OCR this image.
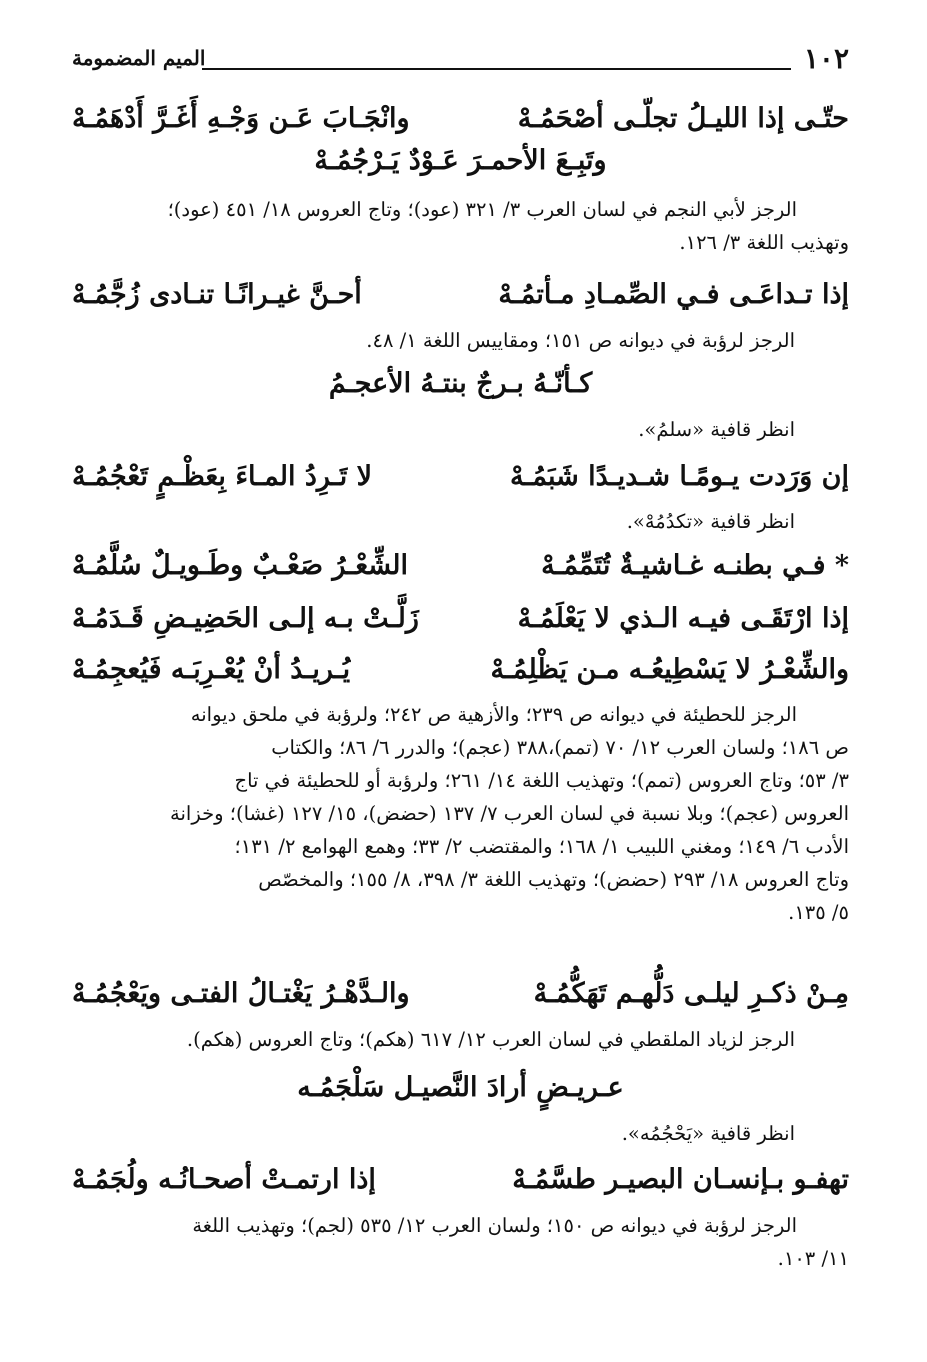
١٠٢
الميم المضمومة
حتّـى إذا الليـلُ تجلّـى أصْحَمُـهْ
وانْجَـابَ عَـن وَجْـهِ أَغَـرَّ أَدْهَمُـهْ
وتَبِـعَ الأحمـرَ عَـوْدٌ يَـرْجُمُـهْ
الرجز لأبي النجم في لسان العرب ٣/ ٣٢١ (عود)؛ وتاج العروس ١٨/ ٤٥١ (عود)؛
وتهذيب اللغة ٣/ ١٢٦.
إذا تـداعَـى فـي الصِّمـادِ مـأتمُـهْ
أحـنَّ غيـرانًـا تنـادى زُجَّمُـهْ
الرجز لرؤبة في ديوانه ص ١٥١؛ ومقاييس اللغة ١/ ٤٨.
كـأنّـهُ بـرجٌ بنتـهُ الأعجـمُ
انظر قافية «سلمُ».
إن وَرَدت يـومًـا شـديـدًا شَبَمُـهْ
لا تَـرِدُ المـاءَ بِعَظْـمٍ تَعْجُمُـهْ
انظر قافية «تكدُمُهْ».
* فـي بطنـه غـاشيـةٌ تُتَمِّمُـهْ
الشِّعْـرُ صَعْـبٌ وطَـويـلٌ سُلَّمُـهْ
إذا ارْتَقَـى فيـه الـذي لا يَعْلَمُـهْ
زَلَّـتْ بـه إلـى الحَضِيـضِ قَـدَمُـهْ
والشِّعْـرُ لا يَسْطِيعُـه مـن يَظْلِمُـهْ
يُـريـدُ أنْ يُعْـرِبَـه فَيُعجِمُـهْ
الرجز للحطيئة في ديوانه ص ٢٣٩؛ والأزهية ص ٢٤٢؛ ولرؤبة في ملحق ديوانه
ص ١٨٦؛ ولسان العرب ١٢/ ٧٠ (تمم)،٣٨٨ (عجم)؛ والدرر ٦/ ٨٦؛ والكتاب
٣/ ٥٣؛ وتاج العروس (تمم)؛ وتهذيب اللغة ١٤/ ٢٦١؛ ولرؤبة أو للحطيئة في تاج
العروس (عجم)؛ وبلا نسبة في لسان العرب ٧/ ١٣٧ (حضض)، ١٥/ ١٢٧ (غشا)؛ وخزانة
الأدب ٦/ ١٤٩؛ ومغني اللبيب ١/ ١٦٨؛ والمقتضب ٢/ ٣٣؛ وهمع الهوامع ٢/ ١٣١؛
وتاج العروس ١٨/ ٢٩٣ (حضض)؛ وتهذيب اللغة ٣/ ٣٩٨، ٨/ ١٥٥؛ والمخصّص
٥/ ١٣٥.
مِـنْ ذكـرِ ليلـى دَلُّهـم تَهَكُّمُـهْ
والـدَّهْـرُ يَغْتـالُ الفتـى ويَعْجُمُـهْ
الرجز لزياد الملقطي في لسان العرب ١٢/ ٦١٧ (هكم)؛ وتاج العروس (هكم).
عـريـضٍ أرادَ النَّصيـل سَلْجَمُـه
انظر قافية «يَحْجُمُه».
تهفـو بـإنسـان البصيـر طسَّمُـهْ
إذا ارتمـتْ أصحـانُـه ولُجَمُـهْ
الرجز لرؤبة في ديوانه ص ١٥٠؛ ولسان العرب ١٢/ ٥٣٥ (لجم)؛ وتهذيب اللغة
١١/ ١٠٣.
